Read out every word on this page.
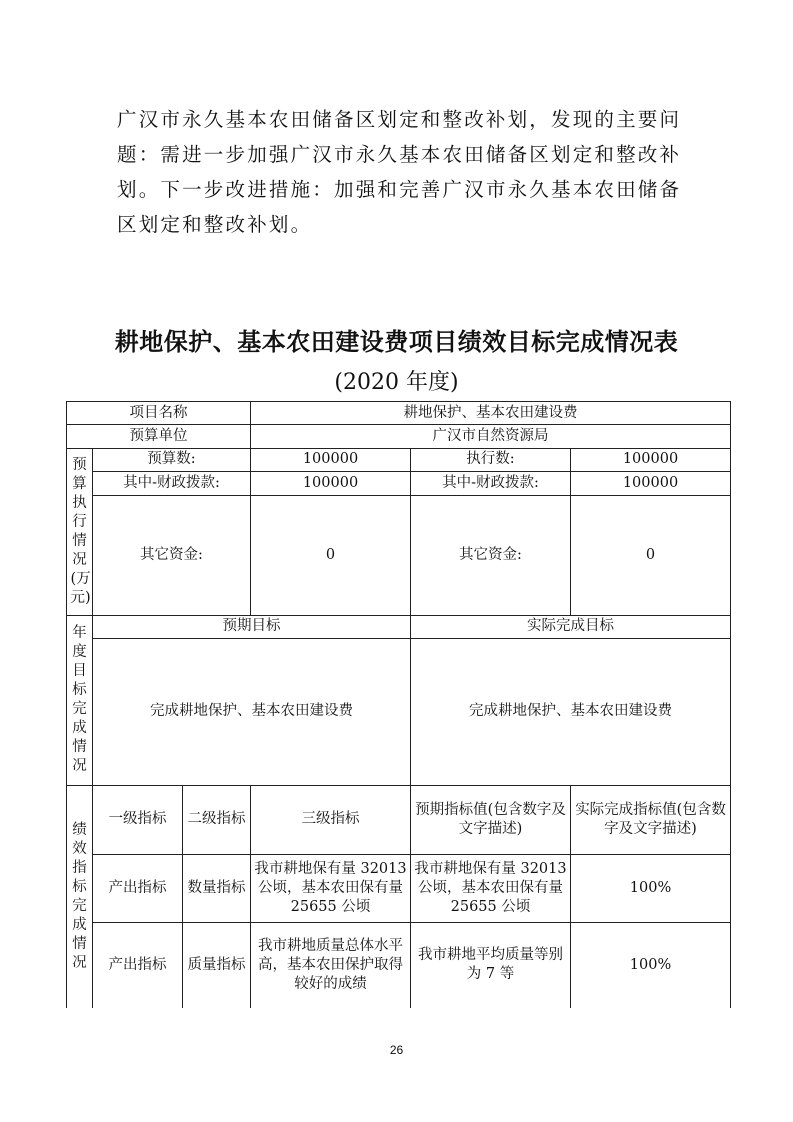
广汉市永久基本农田储备区划定和整改补划，发现的主要问

题：需进一步加强广汉市永久基本农田储备区划定和整改补

划。下一步改进措施：加强和完善广汉市永久基本农田储备

区划定和整改补划。

耕地保护、基本农田建设费项目绩效目标完成情况表
(2020 年度)
项目名称			耕地保护、基本农田建设费		
预算单位			广汉市自然资源局		
预算执行情况(万元)	预算数:		100000	执行数:	100000
	其中-财政拨款:		100000	其中-财政拨款:	100000
	其它资金:		0	其它资金:	0
年度目标完成情况	预期目标			实际完成目标	
	完成耕地保护、基本农田建设费			完成耕地保护、基本农田建设费	
绩效指标完成情况	一级指标	二级指标	三级指标	预期指标值(包含数字及文字描述)	实际完成指标值(包含数字及文字描述)
	产出指标	数量指标	我市耕地保有量 32013 公顷，基本农田保有量 25655 公顷	我市耕地保有量 32013 公顷，基本农田保有量 25655 公顷	100%
	产出指标	质量指标	我市耕地质量总体水平高，基本农田保护取得较好的成绩	我市耕地平均质量等别为 7 等	100%
26
